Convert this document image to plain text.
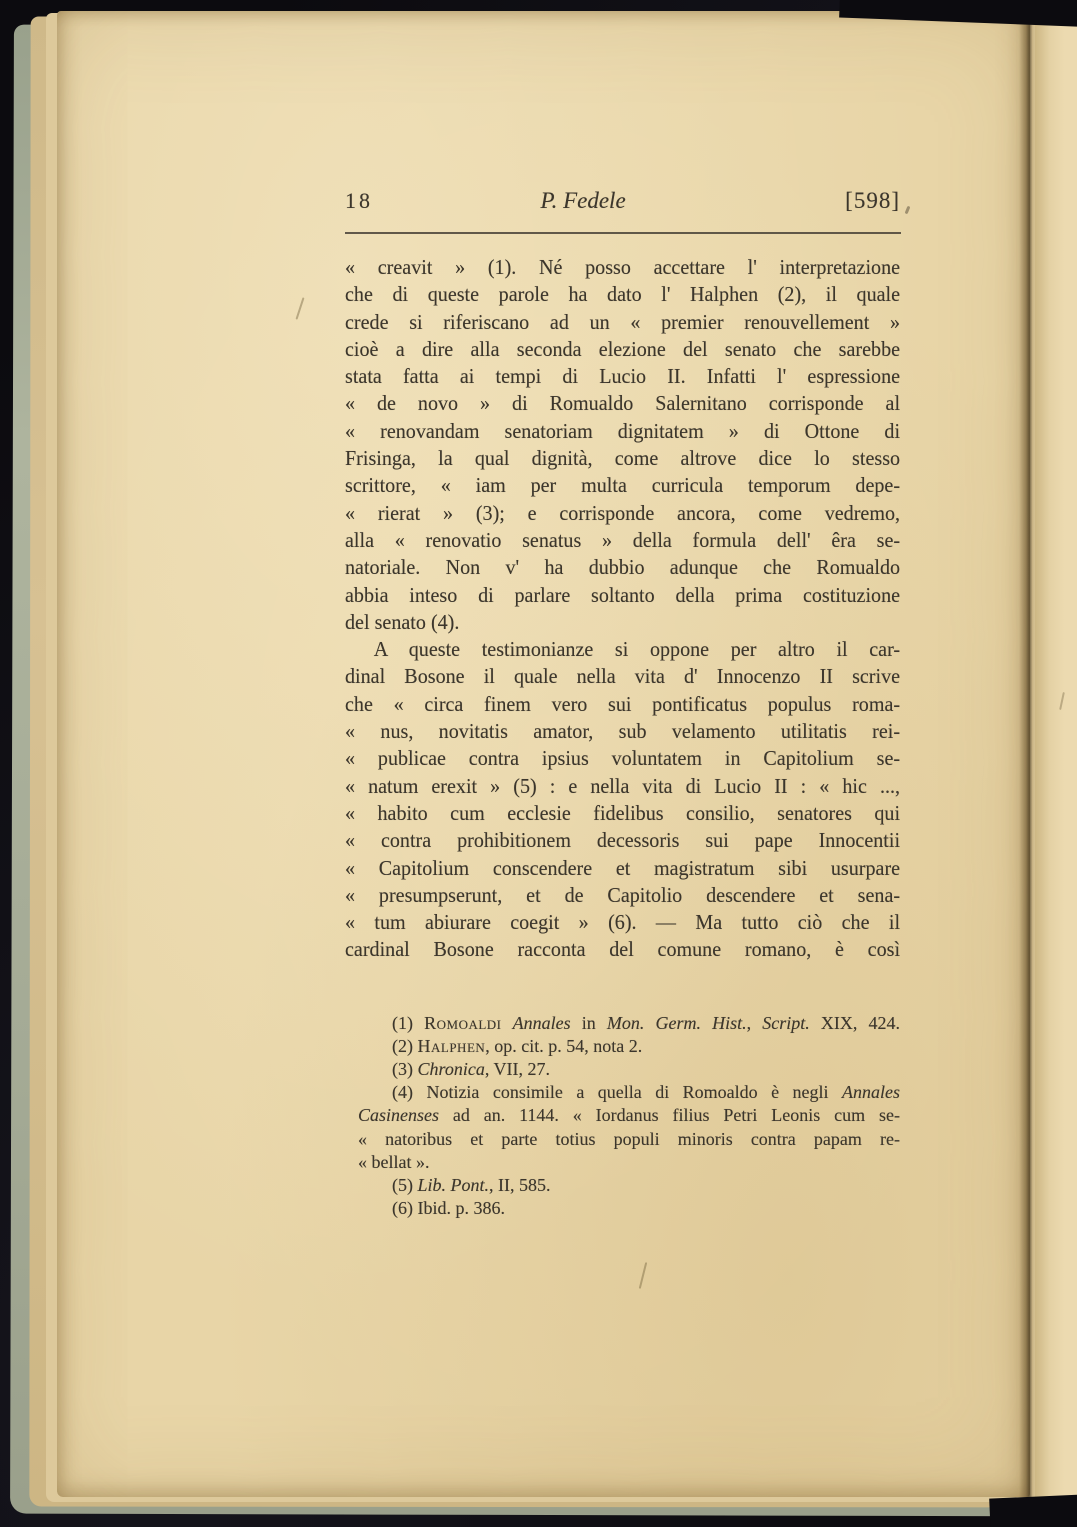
18	P. Fedele	[598]
« creavit » (1). Né posso accettare l' interpretazione
che di queste parole ha dato l' Halphen (2), il quale
crede si riferiscano ad un « premier renouvellement »
cioè a dire alla seconda elezione del senato che sarebbe
stata fatta ai tempi di Lucio II. Infatti l' espressione
« de novo » di Romualdo Salernitano corrisponde al
« renovandam senatoriam dignitatem » di Ottone di
Frisinga, la qual dignità, come altrove dice lo stesso
scrittore, « iam per multa curricula temporum depe-
« rierat » (3); e corrisponde ancora, come vedremo,
alla « renovatio senatus » della formula dell' êra se-
natoriale. Non v' ha dubbio adunque che Romualdo
abbia inteso di parlare soltanto della prima costituzione
del senato (4).
A queste testimonianze si oppone per altro il car-
dinal Bosone il quale nella vita d' Innocenzo II scrive
che « circa finem vero sui pontificatus populus roma-
« nus, novitatis amator, sub velamento utilitatis rei-
« publicae contra ipsius voluntatem in Capitolium se-
« natum erexit » (5) : e nella vita di Lucio II : « hic ...,
« habito cum ecclesie fidelibus consilio, senatores qui
« contra prohibitionem decessoris sui pape Innocentii
« Capitolium conscendere et magistratum sibi usurpare
« presumpserunt, et de Capitolio descendere et sena-
« tum abiurare coegit » (6). — Ma tutto ciò che il
cardinal Bosone racconta del comune romano, è così
(1) Romoaldi Annales in Mon. Germ. Hist., Script. XIX, 424.
(2) Halphen, op. cit. p. 54, nota 2.
(3) Chronica, VII, 27.
(4) Notizia consimile a quella di Romoaldo è negli Annales
Casinenses ad an. 1144. « Iordanus filius Petri Leonis cum se-
« natoribus et parte totius populi minoris contra papam re-
« bellat ».
(5) Lib. Pont., II, 585.
(6) Ibid. p. 386.
